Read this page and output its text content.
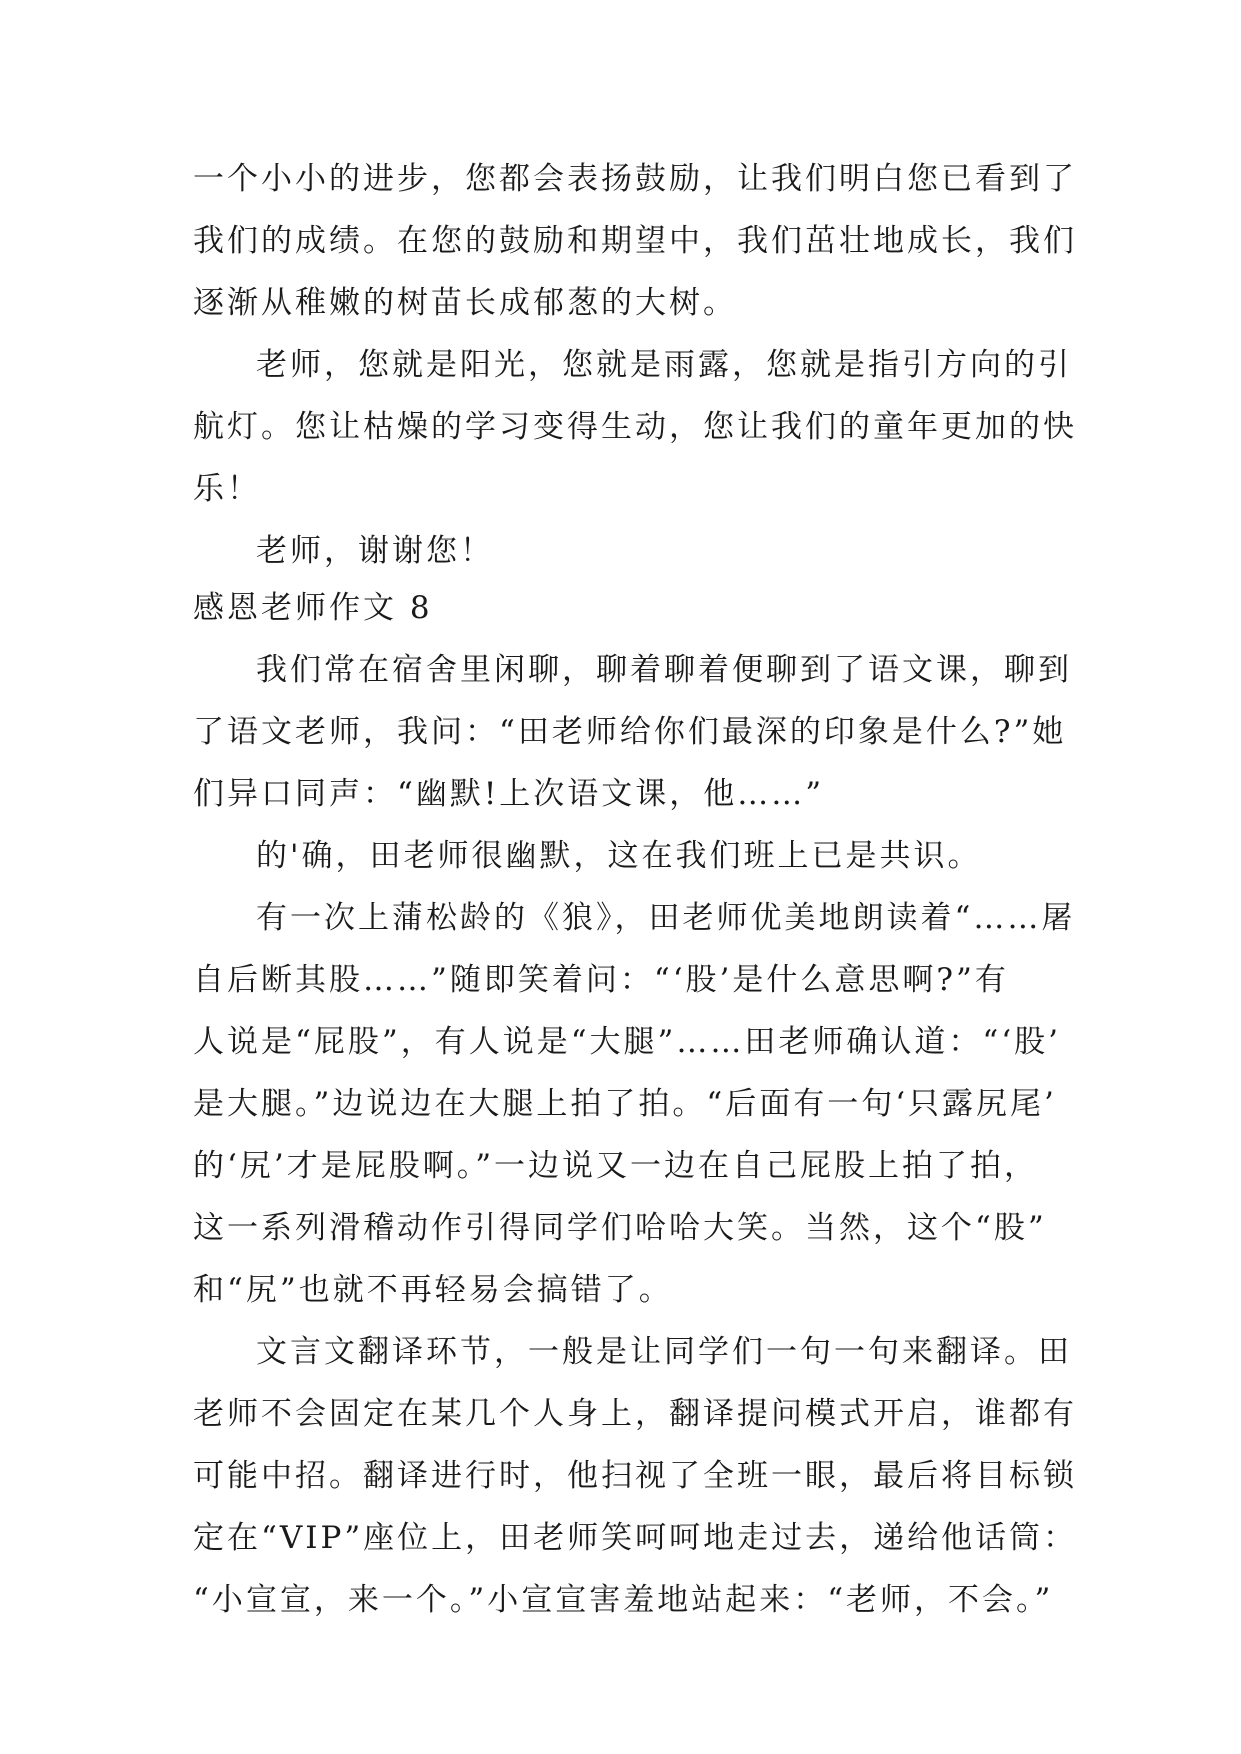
一个小小的进步，您都会表扬鼓励，让我们明白您已看到了
我们的成绩。在您的鼓励和期望中，我们茁壮地成长，我们
逐渐从稚嫩的树苗长成郁葱的大树。
老师，您就是阳光，您就是雨露，您就是指引方向的引
航灯。您让枯燥的学习变得生动，您让我们的童年更加的快
乐！
老师，谢谢您！
感恩老师作文 8
我们常在宿舍里闲聊，聊着聊着便聊到了语文课，聊到
了语文老师，我问：“田老师给你们最深的印象是什么?”她
们异口同声：“幽默!上次语文课，他……”
的'确，田老师很幽默，这在我们班上已是共识。
有一次上蒲松龄的《狼》，田老师优美地朗读着“……屠
自后断其股……”随即笑着问：“‘股’是什么意思啊?”有
人说是“屁股”，有人说是“大腿”……田老师确认道：“‘股’
是大腿。”边说边在大腿上拍了拍。“后面有一句‘只露尻尾’
的‘尻’才是屁股啊。”一边说又一边在自己屁股上拍了拍，
这一系列滑稽动作引得同学们哈哈大笑。当然，这个“股”
和“尻”也就不再轻易会搞错了。
文言文翻译环节，一般是让同学们一句一句来翻译。田
老师不会固定在某几个人身上，翻译提问模式开启，谁都有
可能中招。翻译进行时，他扫视了全班一眼，最后将目标锁
定在“VIP”座位上，田老师笑呵呵地走过去，递给他话筒：
“小宣宣，来一个。”小宣宣害羞地站起来：“老师，不会。”
